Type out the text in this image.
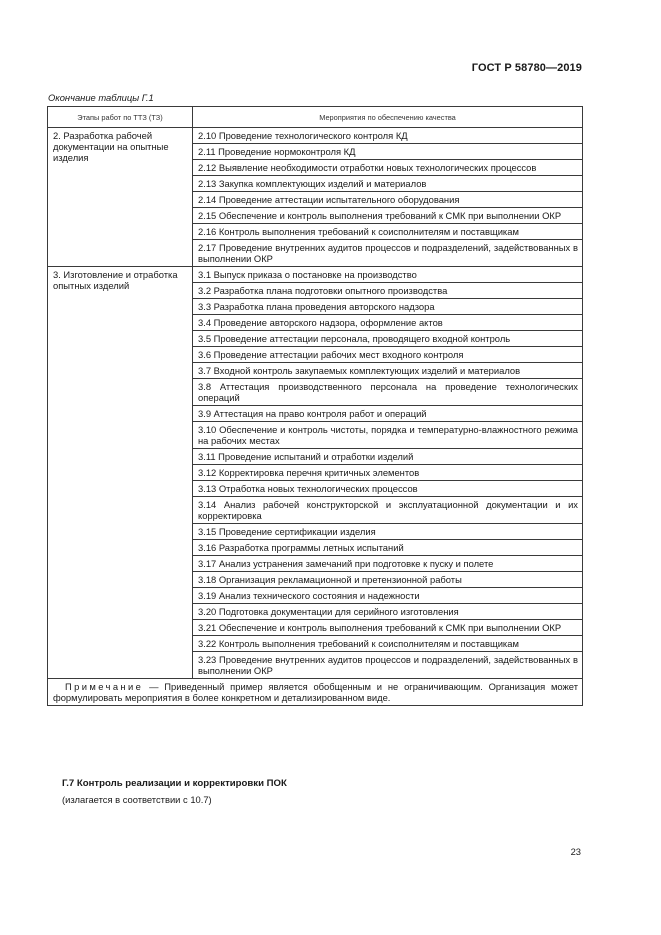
ГОСТ Р 58780—2019
Окончание таблицы Г.1
Этапы работ по ТТЗ (ТЗ)	Мероприятия по обеспечению качества
2. Разработка рабочей документации на опытные изделия	2.10 Проведение технологического контроля КД
	2.11 Проведение нормоконтроля КД
	2.12 Выявление необходимости отработки новых технологических процессов
	2.13 Закупка комплектующих изделий и материалов
	2.14 Проведение аттестации испытательного оборудования
	2.15 Обеспечение и контроль выполнения требований к СМК при выполнении ОКР
	2.16 Контроль выполнения требований к соисполнителям и поставщикам
	2.17 Проведение внутренних аудитов процессов и подразделений, задействованных в выполнении ОКР
3. Изготовление и отработка опытных изделий	3.1 Выпуск приказа о постановке на производство
	3.2 Разработка плана подготовки опытного производства
	3.3 Разработка плана проведения авторского надзора
	3.4 Проведение авторского надзора, оформление актов
	3.5 Проведение аттестации персонала, проводящего входной контроль
	3.6 Проведение аттестации рабочих мест входного контроля
	3.7 Входной контроль закупаемых комплектующих изделий и материалов
	3.8 Аттестация производственного персонала на проведение технологических операций
	3.9 Аттестация на право контроля работ и операций
	3.10 Обеспечение и контроль чистоты, порядка и температурно-влажностного режима на рабочих местах
	3.11 Проведение испытаний и отработки изделий
	3.12 Корректировка перечня критичных элементов
	3.13 Отработка новых технологических процессов
	3.14 Анализ рабочей конструкторской и эксплуатационной документации и их корректировка
	3.15 Проведение сертификации изделия
	3.16 Разработка программы летных испытаний
	3.17 Анализ устранения замечаний при подготовке к пуску и полете
	3.18 Организация рекламационной и претензионной работы
	3.19 Анализ технического состояния и надежности
	3.20 Подготовка документации для серийного изготовления
	3.21 Обеспечение и контроль выполнения требований к СМК при выполнении ОКР
	3.22 Контроль выполнения требований к соисполнителям и поставщикам
	3.23 Проведение внутренних аудитов процессов и подразделений, задействованных в выполнении ОКР
Примечание — Приведенный пример является обобщенным и не ограничивающим. Организация может формулировать мероприятия в более конкретном и детализированном виде.	
Г.7 Контроль реализации и корректировки ПОК
(излагается в соответствии с 10.7)
23
